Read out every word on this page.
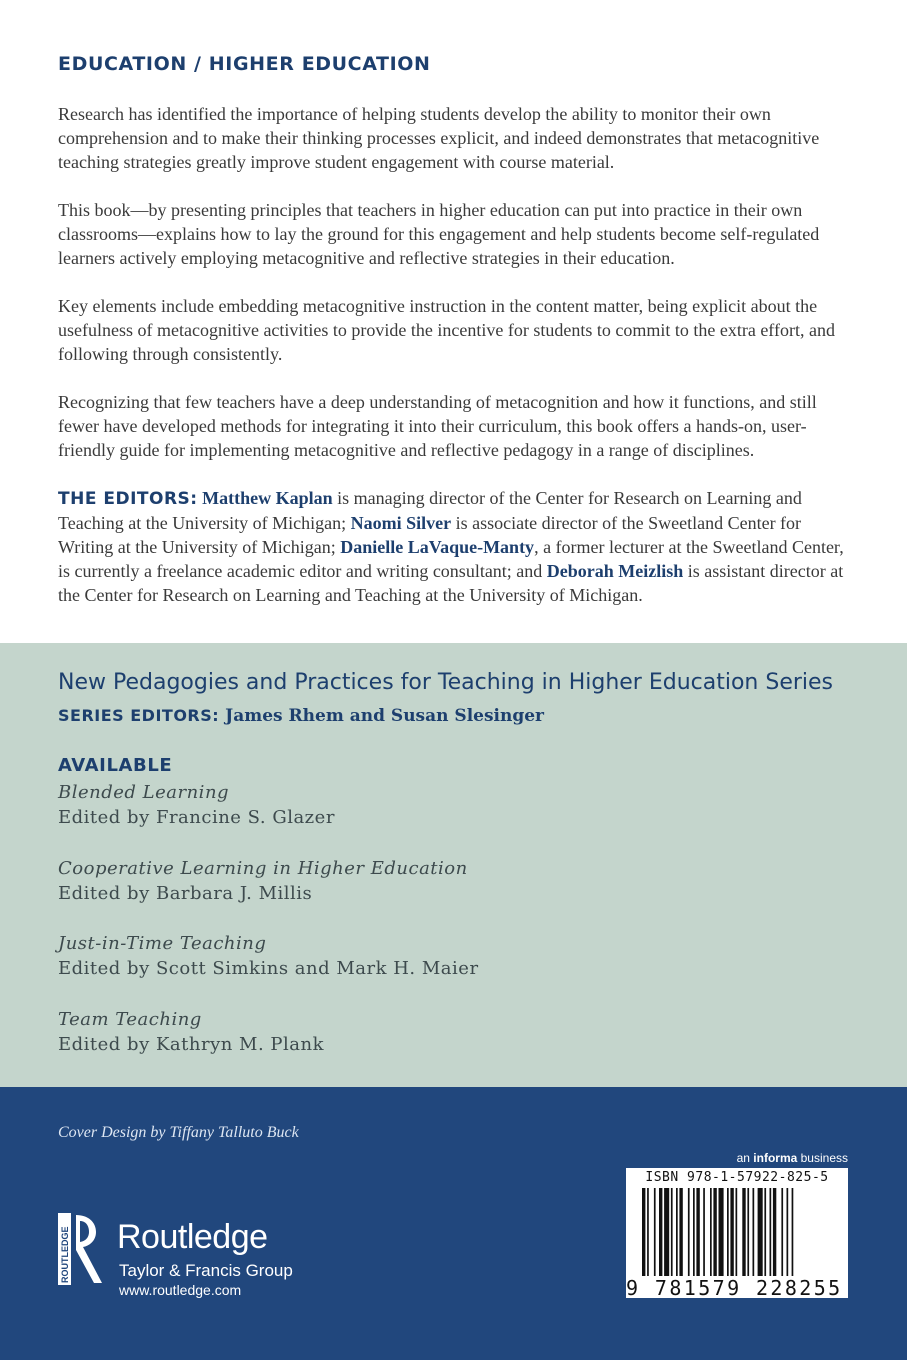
EDUCATION / HIGHER EDUCATION

Research has identified the importance of helping students develop the ability to monitor their own comprehension and to make their thinking processes explicit, and indeed demonstrates that metacognitive teaching strategies greatly improve student engagement with course material.

This book—by presenting principles that teachers in higher education can put into practice in their own classrooms—explains how to lay the ground for this engagement and help students become self-regulated learners actively employing metacognitive and reflective strategies in their education.

Key elements include embedding metacognitive instruction in the content matter, being explicit about the usefulness of metacognitive activities to provide the incentive for students to commit to the extra effort, and following through consistently.

Recognizing that few teachers have a deep understanding of metacognition and how it functions, and still fewer have developed methods for integrating it into their curriculum, this book offers a hands-on, user-friendly guide for implementing metacognitive and reflective pedagogy in a range of disciplines.

THE EDITORS: Matthew Kaplan is managing director of the Center for Research on Learning and Teaching at the University of Michigan; Naomi Silver is associate director of the Sweetland Center for Writing at the University of Michigan; Danielle LaVaque-Manty, a former lecturer at the Sweetland Center, is currently a freelance academic editor and writing consultant; and Deborah Meizlish is assistant director at the Center for Research on Learning and Teaching at the University of Michigan.

New Pedagogies and Practices for Teaching in Higher Education Series

SERIES EDITORS: James Rhem and Susan Slesinger

AVAILABLE

Blended Learning
Edited by Francine S. Glazer
Cooperative Learning in Higher Education
Edited by Barbara J. Millis
Just-in-Time Teaching
Edited by Scott Simkins and Mark H. Maier
Team Teaching
Edited by Kathryn M. Plank

Cover Design by Tiffany Talluto Buck

ROUTLEDGE Routledge

Taylor & Francis Group

www.routledge.com

an informa business

ISBN 978-1-57922-825-5

9 781579 228255
